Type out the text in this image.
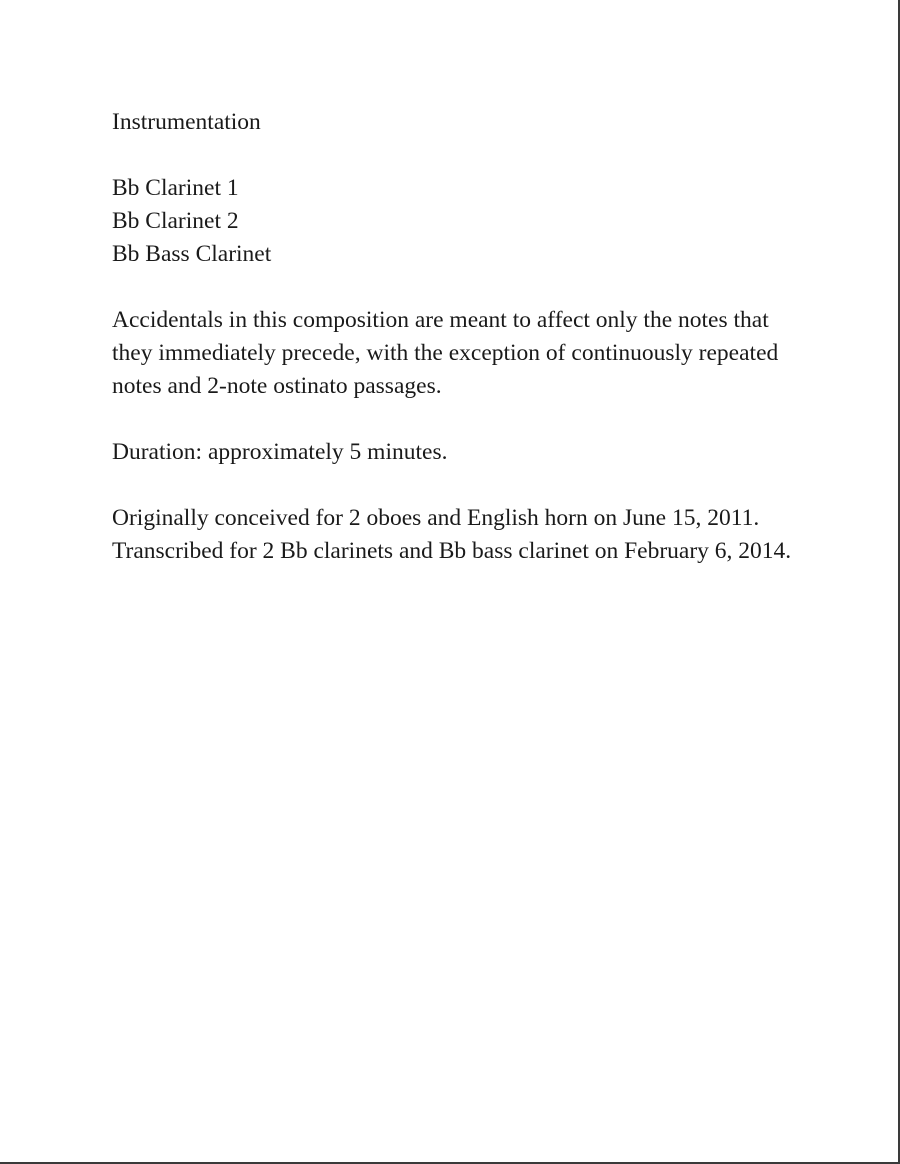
Instrumentation

Bb Clarinet 1
Bb Clarinet 2
Bb Bass Clarinet

Accidentals in this composition are meant to affect only the notes that they immediately precede, with the exception of continuously repeated notes and 2-note ostinato passages.

Duration: approximately 5 minutes.

Originally conceived for 2 oboes and English horn on June 15, 2011.
Transcribed for 2 Bb clarinets and Bb bass clarinet on February 6, 2014.
